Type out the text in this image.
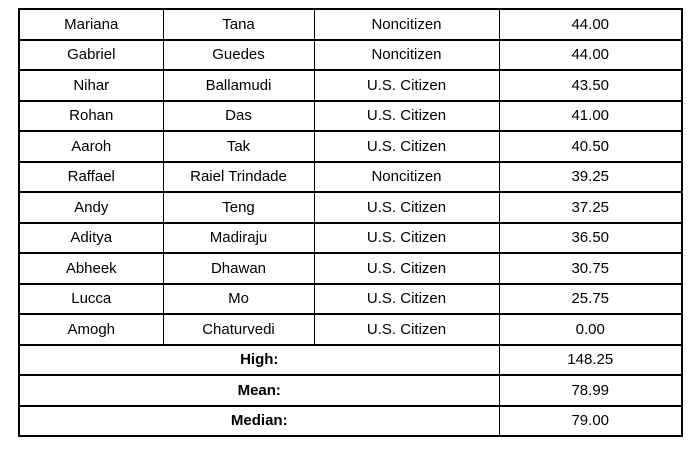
Mariana	Tana	Noncitizen	44.00
Gabriel	Guedes	Noncitizen	44.00
Nihar	Ballamudi	U.S. Citizen	43.50
Rohan	Das	U.S. Citizen	41.00
Aaroh	Tak	U.S. Citizen	40.50
Raffael	Raiel Trindade	Noncitizen	39.25
Andy	Teng	U.S. Citizen	37.25
Aditya	Madiraju	U.S. Citizen	36.50
Abheek	Dhawan	U.S. Citizen	30.75
Lucca	Mo	U.S. Citizen	25.75
Amogh	Chaturvedi	U.S. Citizen	0.00
High:			148.25
Mean:			78.99
Median:			79.00
